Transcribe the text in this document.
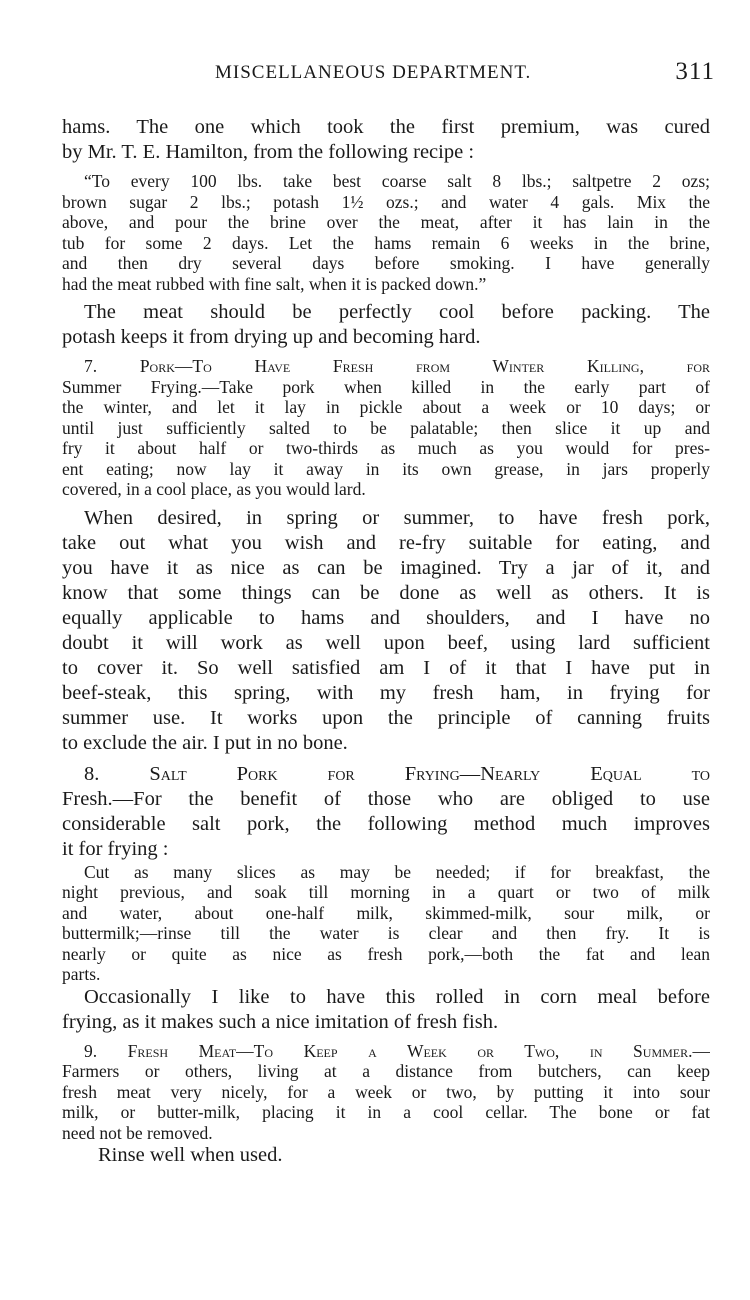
MISCELLANEOUS DEPARTMENT.	311
hams. The one which took the first premium, was cured
by Mr. T. E. Hamilton, from the following recipe :
“To every 100 lbs. take best coarse salt 8 lbs.; saltpetre 2 ozs;
brown sugar 2 lbs.; potash 1½ ozs.; and water 4 gals. Mix the
above, and pour the brine over the meat, after it has lain in the
tub for some 2 days. Let the hams remain 6 weeks in the brine,
and then dry several days before smoking. I have generally
had the meat rubbed with fine salt, when it is packed down.”
The meat should be perfectly cool before packing. The
potash keeps it from drying up and becoming hard.
7. Pork—To Have Fresh from Winter Killing, for
Summer Frying.—Take pork when killed in the early part of
the winter, and let it lay in pickle about a week or 10 days; or
until just sufficiently salted to be palatable; then slice it up and
fry it about half or two-thirds as much as you would for pres-
ent eating; now lay it away in its own grease, in jars properly
covered, in a cool place, as you would lard.
When desired, in spring or summer, to have fresh pork,
take out what you wish and re-fry suitable for eating, and
you have it as nice as can be imagined. Try a jar of it, and
know that some things can be done as well as others. It is
equally applicable to hams and shoulders, and I have no
doubt it will work as well upon beef, using lard sufficient
to cover it. So well satisfied am I of it that I have put in
beef-steak, this spring, with my fresh ham, in frying for
summer use. It works upon the principle of canning fruits
to exclude the air. I put in no bone.
8. Salt Pork for Frying—Nearly Equal to
Fresh.—For the benefit of those who are obliged to use
considerable salt pork, the following method much improves
it for frying :
Cut as many slices as may be needed; if for breakfast, the
night previous, and soak till morning in a quart or two of milk
and water, about one-half milk, skimmed-milk, sour milk, or
buttermilk;—rinse till the water is clear and then fry. It is
nearly or quite as nice as fresh pork,—both the fat and lean
parts.
Occasionally I like to have this rolled in corn meal before
frying, as it makes such a nice imitation of fresh fish.
9. Fresh Meat—To Keep a Week or Two, in Summer.—
Farmers or others, living at a distance from butchers, can keep
fresh meat very nicely, for a week or two, by putting it into sour
milk, or butter-milk, placing it in a cool cellar. The bone or fat
need not be removed.
Rinse well when used.
